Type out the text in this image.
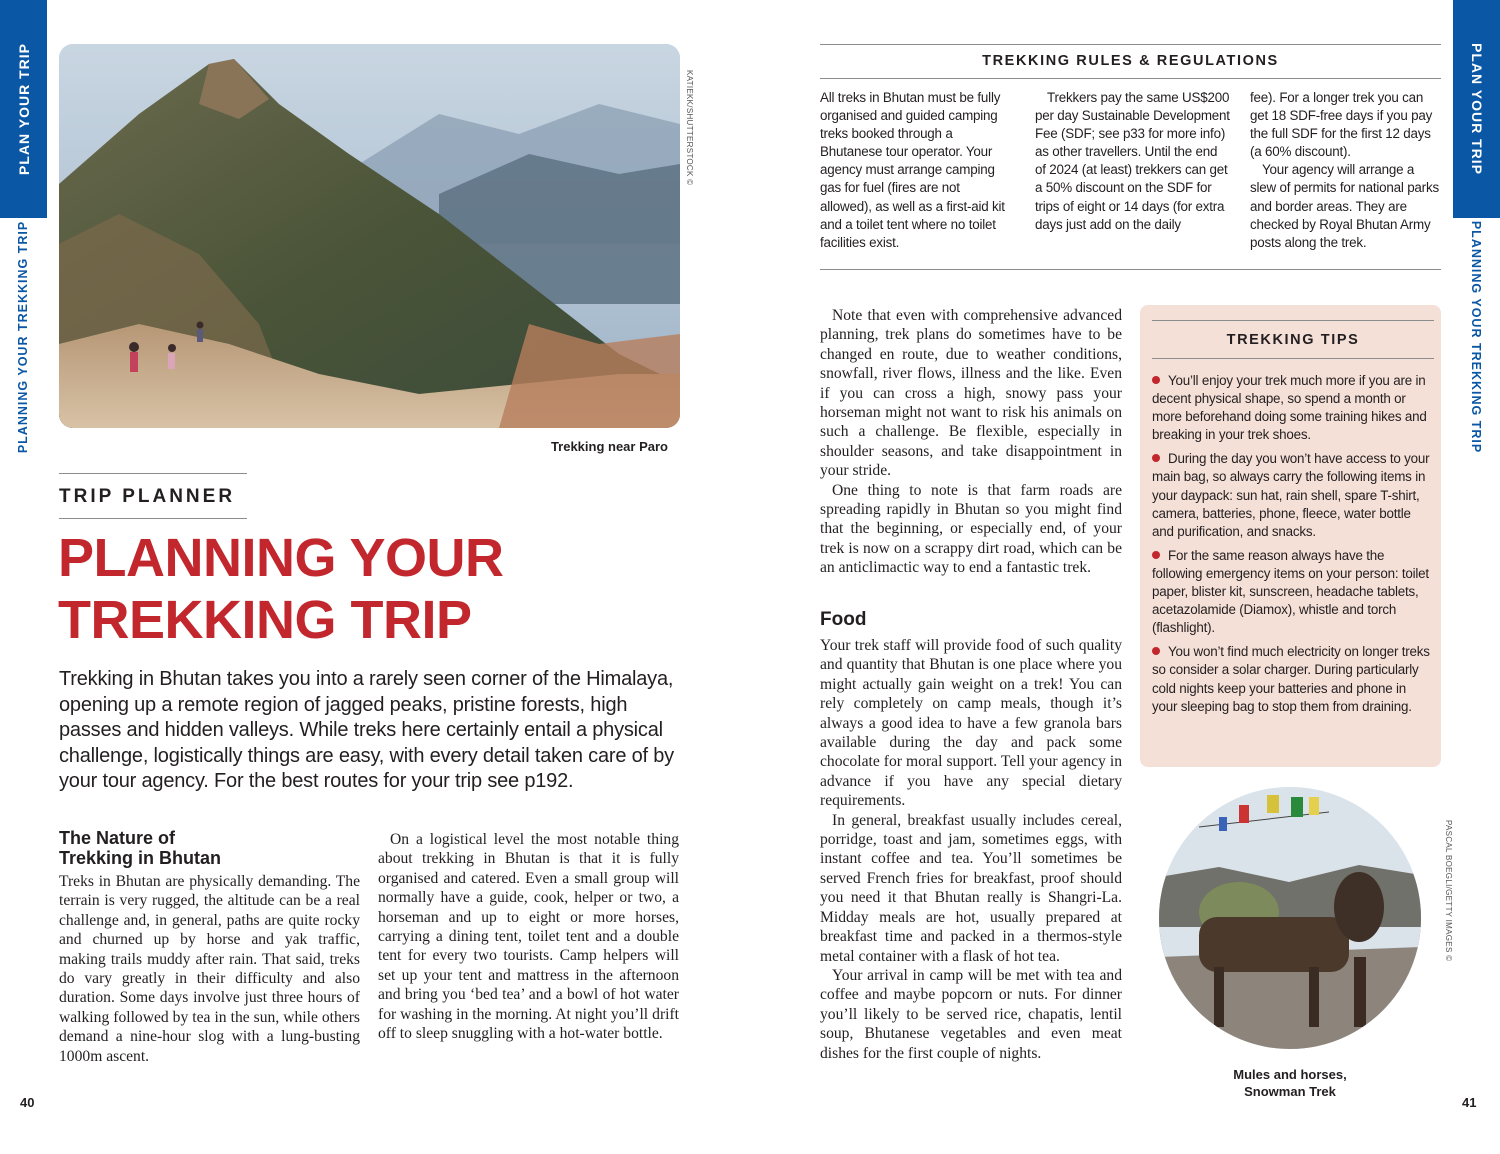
PLAN YOUR TRIP
PLANNING YOUR TREKKING TRIP
PLAN YOUR TRIP
PLANNING YOUR TREKKING TRIP
KATIEKK/SHUTTERSTOCK ©
Trekking near Paro
TRIP PLANNER
PLANNING YOUR
TREKKING TRIP
Trekking in Bhutan takes you into a rarely seen corner of the Himalaya, opening up a remote region of jagged peaks, pristine forests, high passes and hidden valleys. While treks here certainly entail a physical challenge, logistically things are easy, with every detail taken care of by your tour agency. For the best routes for your trip see p192.
The Nature of
Trekking in Bhutan

Treks in Bhutan are physically demanding. The terrain is very rugged, the altitude can be a real challenge and, in general, paths are quite rocky and churned up by horse and yak traffic, making trails muddy after rain. That said, treks do vary greatly in their difficulty and also duration. Some days involve just three hours of walking followed by tea in the sun, while others demand a nine-hour slog with a lung-busting 1000m ascent.

On a logistical level the most notable thing about trekking in Bhutan is that it is fully organised and catered. Even a small group will normally have a guide, cook, helper or two, a horseman and up to eight or more horses, carrying a dining tent, toilet tent and a double tent for every two tourists. Camp helpers will set up your tent and mattress in the afternoon and bring you ‘bed tea’ and a bowl of hot water for washing in the morning. At night you’ll drift off to sleep snuggling with a hot-water bottle.

40
TREKKING RULES & REGULATIONS

All treks in Bhutan must be fully organised and guided camping treks booked through a Bhutanese tour operator. Your agency must arrange camping gas for fuel (fires are not allowed), as well as a first-aid kit and a toilet tent where no toilet facilities exist.

Trekkers pay the same US$200 per day Sustainable Development Fee (SDF; see p33 for more info) as other travellers. Until the end of 2024 (at least) trekkers can get a 50% discount on the SDF for trips of eight or 14 days (for extra days just add on the daily

fee). For a longer trek you can get 18 SDF-free days if you pay the full SDF for the first 12 days (a 60% discount).

Your agency will arrange a slew of permits for national parks and border areas. They are checked by Royal Bhutan Army posts along the trek.

Note that even with comprehensive advanced planning, trek plans do sometimes have to be changed en route, due to weather conditions, snowfall, river flows, illness and the like. Even if you can cross a high, snowy pass your horseman might not want to risk his animals on such a challenge. Be flexible, especially in shoulder seasons, and take disappointment in your stride.

One thing to note is that farm roads are spreading rapidly in Bhutan so you might find that the beginning, or especially end, of your trek is now on a scrappy dirt road, which can be an anticlimactic way to end a fantastic trek.

Food

Your trek staff will provide food of such quality and quantity that Bhutan is one place where you might actually gain weight on a trek! You can rely completely on camp meals, though it’s always a good idea to have a few granola bars available during the day and pack some chocolate for moral support. Tell your agency in advance if you have any special dietary requirements.

In general, breakfast usually includes cereal, porridge, toast and jam, sometimes eggs, with instant coffee and tea. You’ll sometimes be served French fries for breakfast, proof should you need it that Bhutan really is Shangri-La. Midday meals are hot, usually prepared at breakfast time and packed in a thermos-style metal container with a flask of hot tea.

Your arrival in camp will be met with tea and coffee and maybe popcorn or nuts. For dinner you’ll likely to be served rice, chapatis, lentil soup, Bhutanese vegetables and even meat dishes for the first couple of nights.

TREKKING TIPS
You’ll enjoy your trek much more if you are in decent physical shape, so spend a month or more beforehand doing some training hikes and breaking in your trek shoes.
During the day you won’t have access to your main bag, so always carry the following items in your daypack: sun hat, rain shell, spare T-shirt, camera, batteries, phone, fleece, water bottle and purification, and snacks.
For the same reason always have the following emergency items on your person: toilet paper, blister kit, sunscreen, headache tablets, acetazolamide (Diamox), whistle and torch (flashlight).
You won’t find much electricity on longer treks so consider a solar charger. During particularly cold nights keep your batteries and phone in your sleeping bag to stop them from draining.
PASCAL BOEGLI/GETTY IMAGES ©
Mules and horses,
Snowman Trek
41
